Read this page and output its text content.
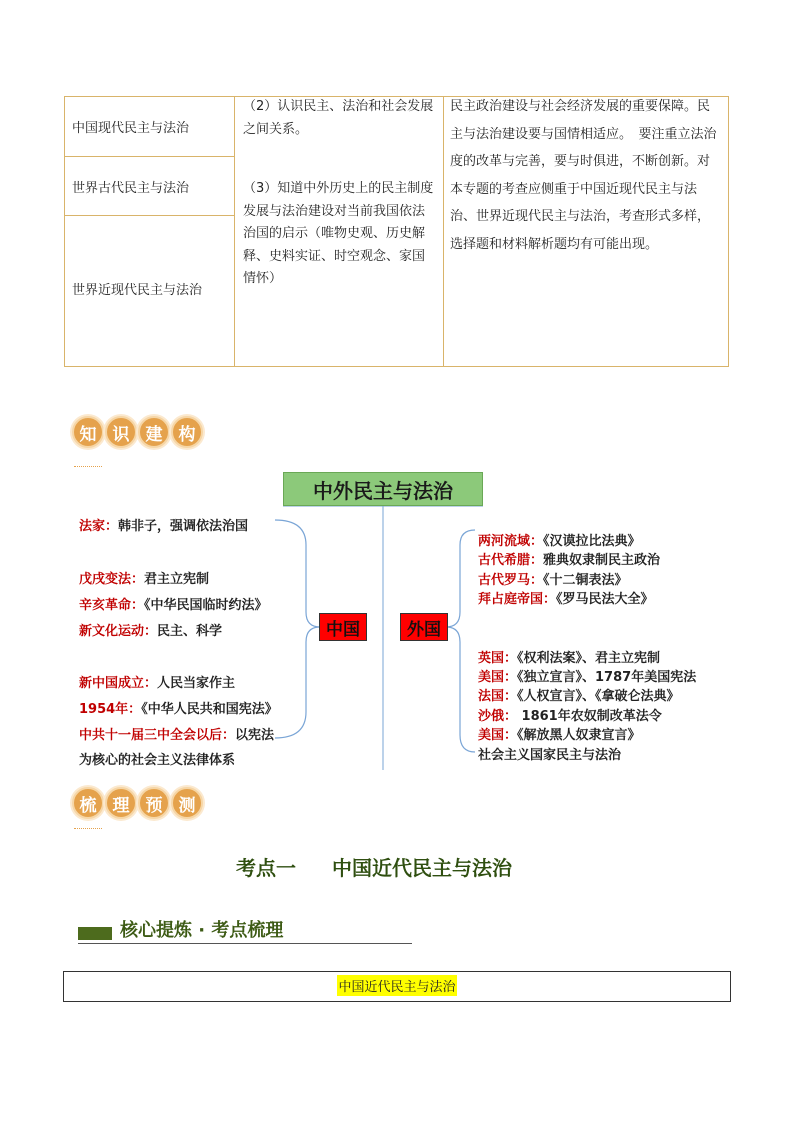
中国现代民主与法治
世界古代民主与法治
世界近现代民主与法治

（2）认识民主、法治和社会发展之间关系。

（3）知道中外历史上的民主制度发展与法治建设对当前我国依法治国的启示（唯物史观、历史解释、史料实证、时空观念、家国情怀）

民主政治建设与社会经济发展的重要保障。民主与法治建设要与国情相适应。　要注重立法治度的改革与完善，要与时俱进，不断创新。对本专题的考查应侧重于中国近现代民主与法治、世界近现代民主与法治，考查形式多样，选择题和材料解析题均有可能出现。

知 识 建 构
中外民主与法治
中国	外国
法家：韩非子，强调依法治国
戊戌变法：君主立宪制
辛亥革命：《中华民国临时约法》
新文化运动：民主、科学
新中国成立：人民当家作主
1954年：《中华人民共和国宪法》
中共十一届三中全会以后：以宪法
为核心的社会主义法律体系
两河流域：《汉谟拉比法典》
古代希腊：雅典奴隶制民主政治
古代罗马：《十二铜表法》
拜占庭帝国：《罗马民法大全》
英国：《权利法案》、君主立宪制
美国：《独立宣言》、1787年美国宪法
法国：《人权宣言》、《拿破仑法典》
沙俄： 1861年农奴制改革法令
美国：《解放黑人奴隶宣言》
社会主义国家民主与法治
梳 理 预 测
考点一 中国近代民主与法治
核心提炼 · 考点梳理
中国近代民主与法治
